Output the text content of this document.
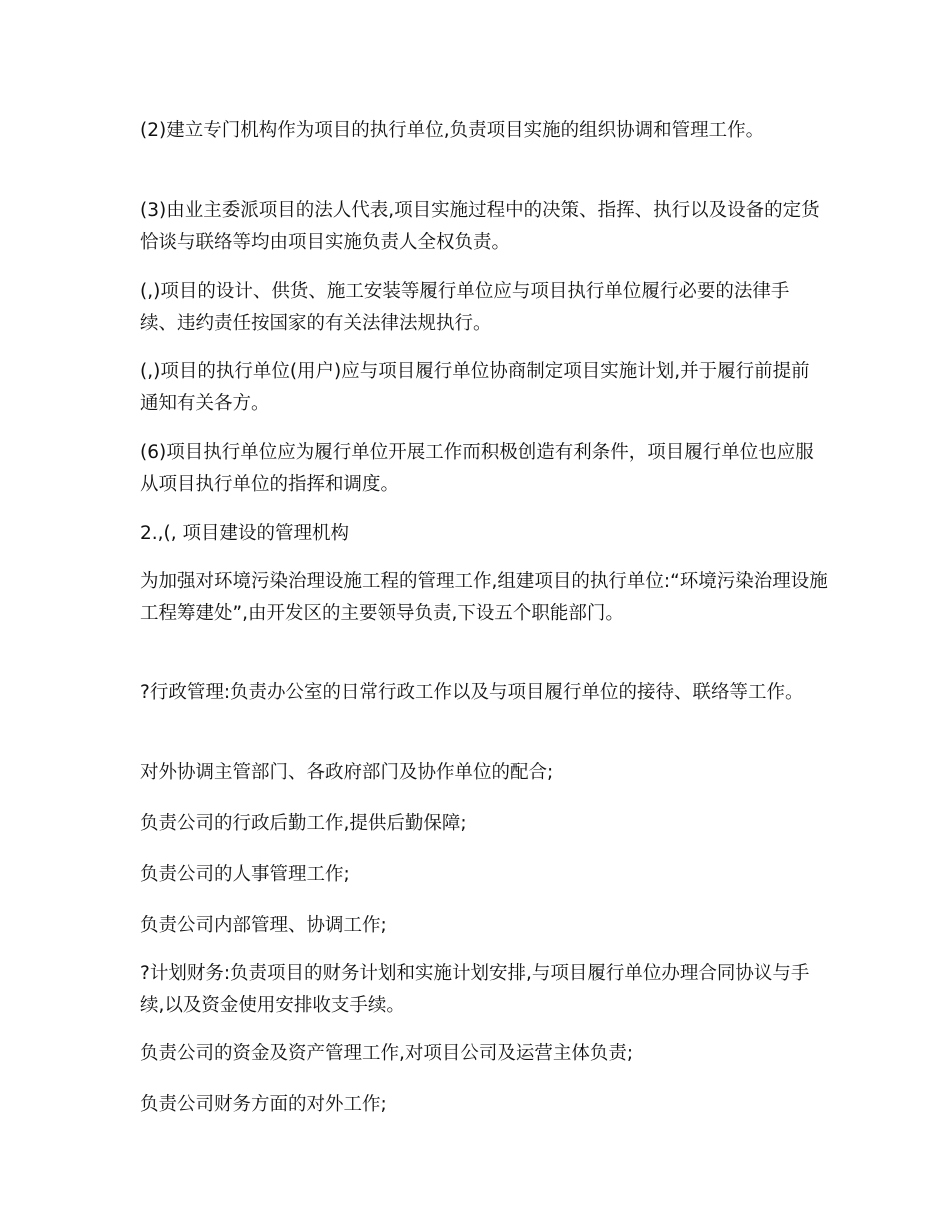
(2)建立专门机构作为项目的执行单位,负责项目实施的组织协调和管理工作。

(3)由业主委派项目的法人代表,项目实施过程中的决策、指挥、执行以及设备的定货恰谈与联络等均由项目实施负责人全权负责。

(,)项目的设计、供货、施工安装等履行单位应与项目执行单位履行必要的法律手续、违约责任按国家的有关法律法规执行。

(,)项目的执行单位(用户)应与项目履行单位协商制定项目实施计划,并于履行前提前通知有关各方。

(6)项目执行单位应为履行单位开展工作而积极创造有利条件，项目履行单位也应服从项目执行单位的指挥和调度。

2.,(, 项目建设的管理机构

为加强对环境污染治理设施工程的管理工作,组建项目的执行单位:“环境污染治理设施工程筹建处”,由开发区的主要领导负责,下设五个职能部门。

?行政管理:负责办公室的日常行政工作以及与项目履行单位的接待、联络等工作。

对外协调主管部门、各政府部门及协作单位的配合;

负责公司的行政后勤工作,提供后勤保障;

负责公司的人事管理工作;

负责公司内部管理、协调工作;

?计划财务:负责项目的财务计划和实施计划安排,与项目履行单位办理合同协议与手续,以及资金使用安排收支手续。

负责公司的资金及资产管理工作,对项目公司及运营主体负责;

负责公司财务方面的对外工作;
